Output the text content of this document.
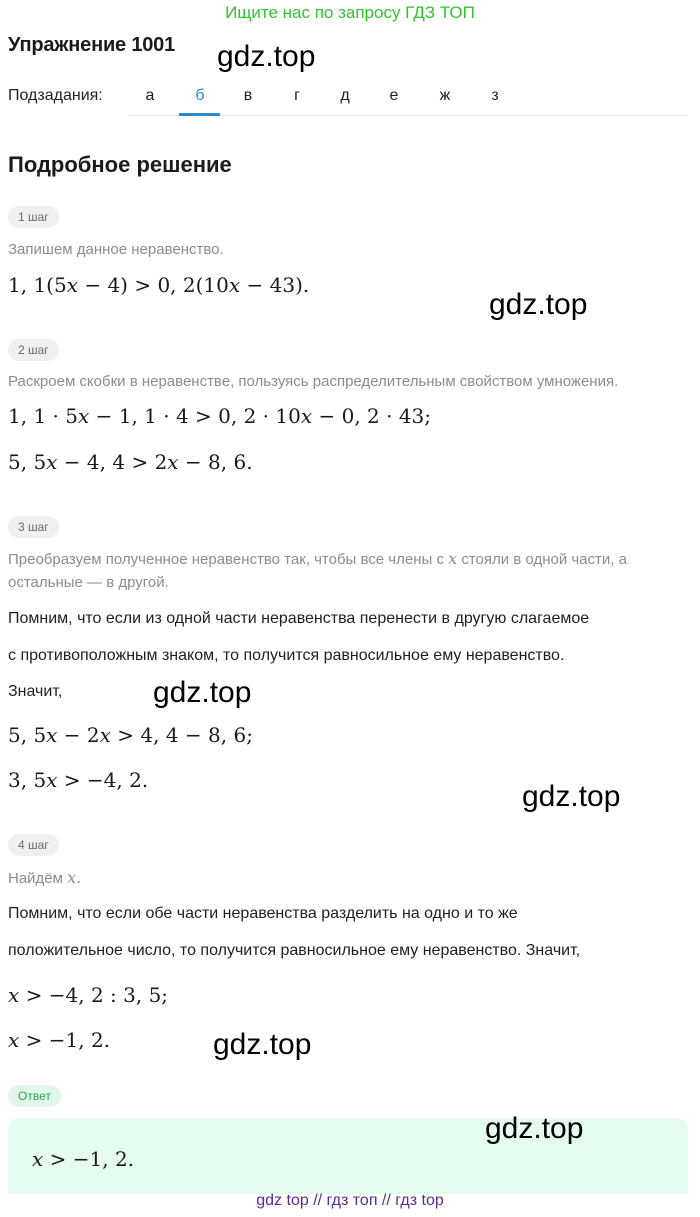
Ищите нас по запросу ГДЗ ТОП
Упражнение 1001 gdz.top
Подзадания:	а	б	в	г	д	е	ж	з
Подробное решение
1 шаг
Запишем данное неравенство.
1, 1(5x − 4) > 0, 2(10x − 43).
gdz.top
2 шаг
Раскроем скобки в неравенстве, пользуясь распределительным свойством умножения.
1, 1 · 5x − 1, 1 · 4 > 0, 2 · 10x − 0, 2 · 43;
5, 5x − 4, 4 > 2x − 8, 6.
3 шаг
Преобразуем полученное неравенство так, чтобы все члены с x стояли в одной части, а
остальные — в другой.
Помним, что если из одной части неравенства перенести в другую слагаемое
с противоположным знаком, то получится равносильное ему неравенство.
Значит,	gdz.top
5, 5x − 2x > 4, 4 − 8, 6;
3, 5x > −4, 2.	gdz.top
4 шаг
Найдём x.
Помним, что если обе части неравенства разделить на одно и то же
положительное число, то получится равносильное ему неравенство. Значит,
x > −4, 2 : 3, 5;
x > −1, 2.	gdz.top
Ответ
x > −1, 2.
gdz.top
gdz top // гдз топ // гдз top
